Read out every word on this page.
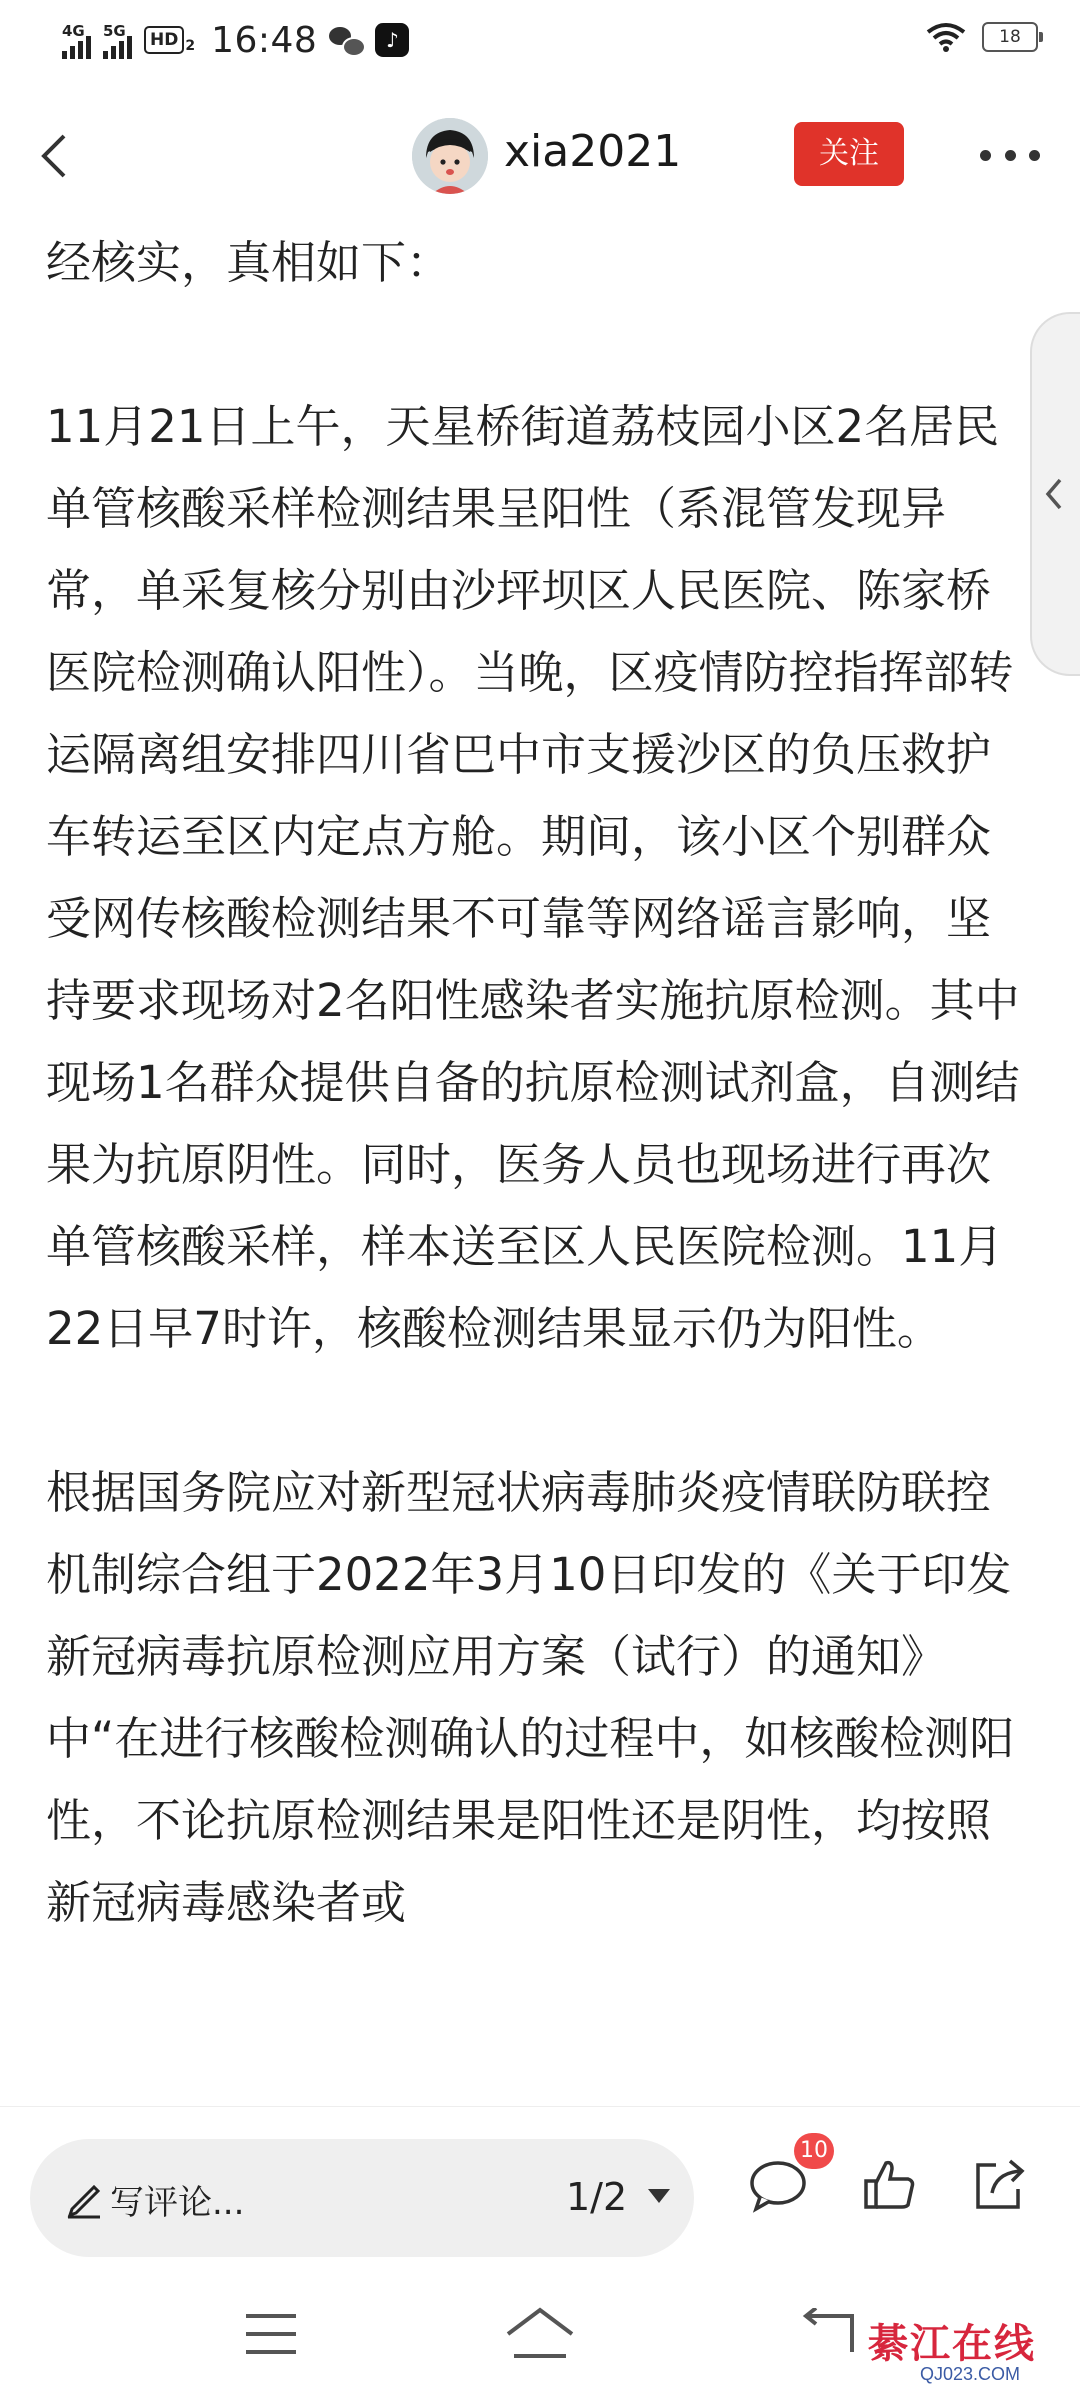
4G 5G	HD 2 16:48	♪	18
xia2021	关注

经核实，真相如下：

11月21日上午，天星桥街道荔枝园小区2名居民单管核酸采样检测结果呈阳性（系混管发现异常，单采复核分别由沙坪坝区人民医院、陈家桥医院检测确认阳性）。当晚，区疫情防控指挥部转运隔离组安排四川省巴中市支援沙区的负压救护车转运至区内定点方舱。期间，该小区个别群众受网传核酸检测结果不可靠等网络谣言影响，坚持要求现场对2名阳性感染者实施抗原检测。其中现场1名群众提供自备的抗原检测试剂盒，自测结果为抗原阴性。同时，医务人员也现场进行再次单管核酸采样，样本送至区人民医院检测。11月22日早7时许，核酸检测结果显示仍为阳性。

根据国务院应对新型冠状病毒肺炎疫情联防联控机制综合组于2022年3月10日印发的《关于印发新冠病毒抗原检测应用方案（试行）的通知》中“在进行核酸检测确认的过程中，如核酸检测阳性，不论抗原检测结果是阳性还是阴性，均按照新冠病毒感染者或

写评论...	1/2
10
綦江在线
QJ023.COM
